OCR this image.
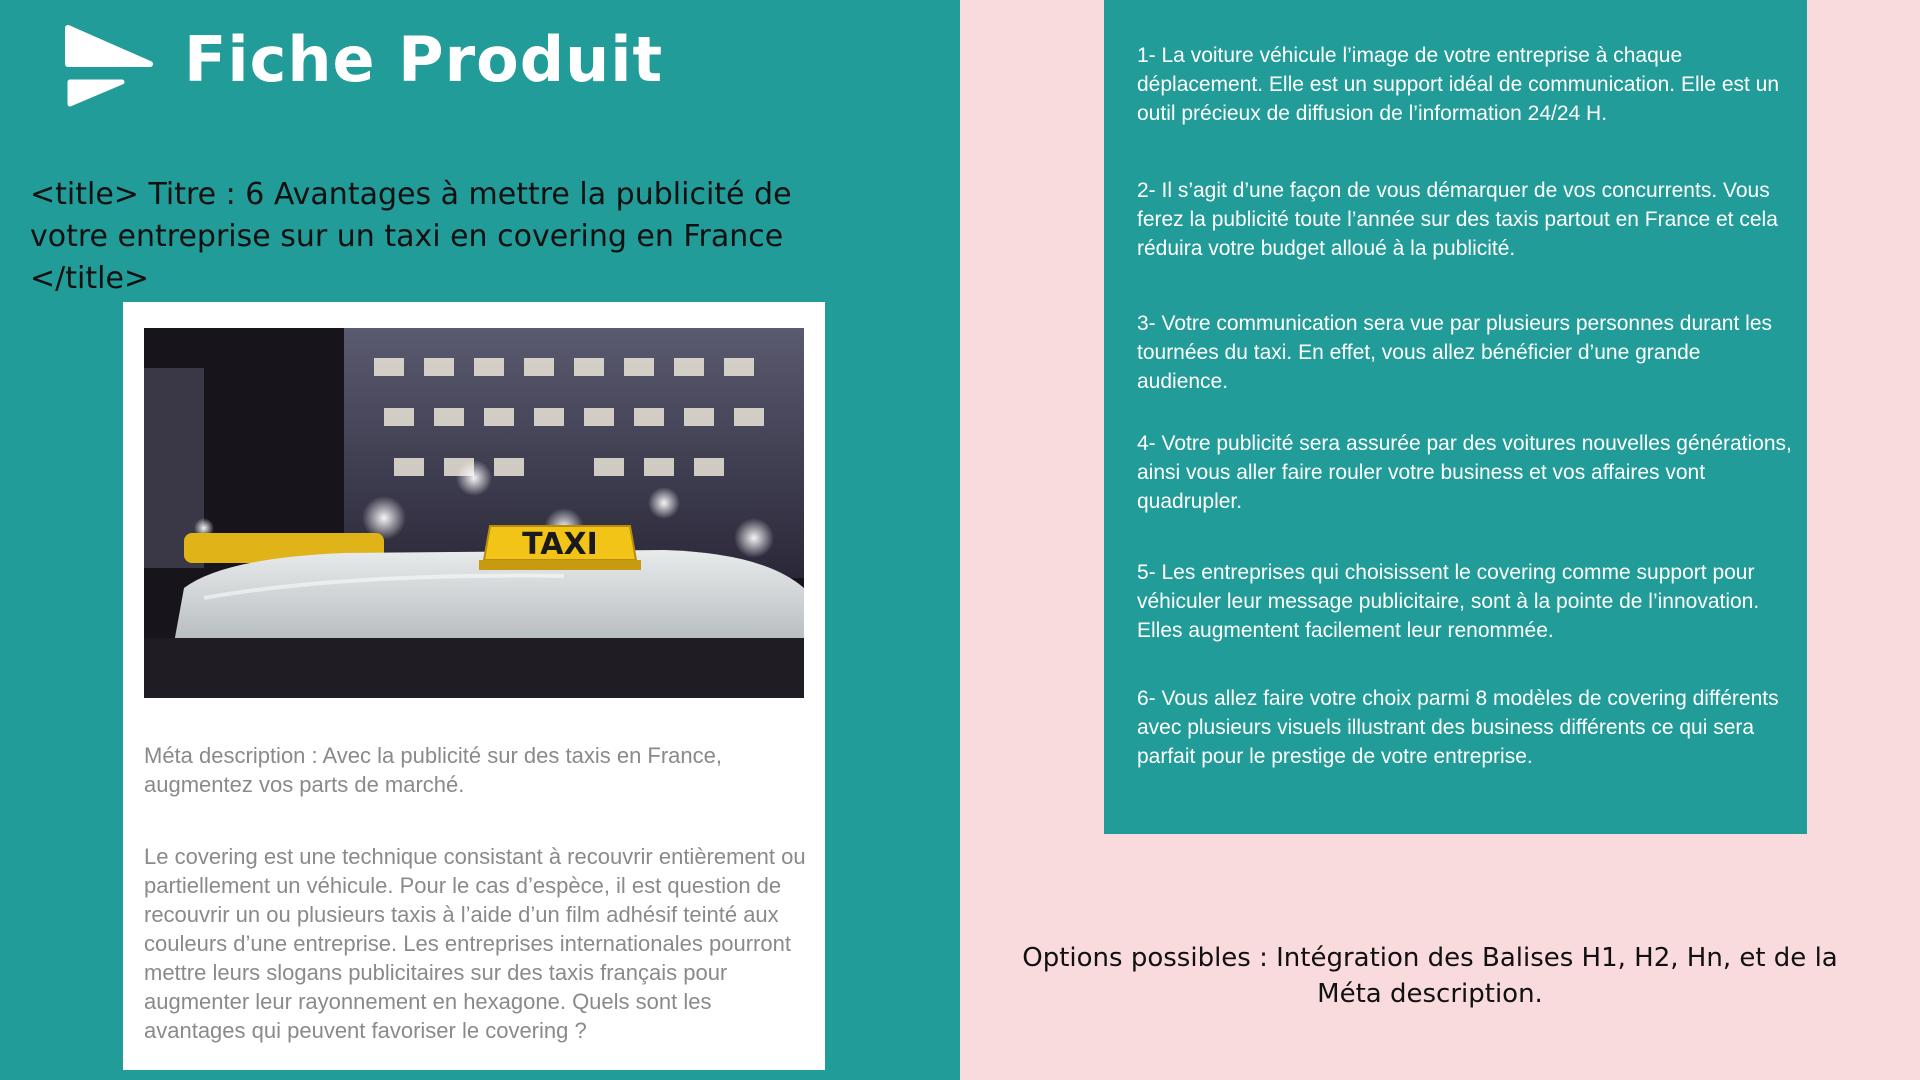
Fiche Produit

<title> Titre : 6 Avantages à mettre la publicité de votre entreprise sur un taxi en covering en France </title>

TAXI

Méta description : Avec la publicité sur des taxis en France, augmentez vos parts de marché.

Le covering est une technique consistant à recouvrir entièrement ou partiellement un véhicule. Pour le cas d’espèce, il est question de recouvrir un ou plusieurs taxis à l’aide d’un film adhésif teinté aux couleurs d’une entreprise. Les entreprises internationales pourront mettre leurs slogans publicitaires sur des taxis français pour augmenter leur rayonnement en hexagone. Quels sont les avantages qui peuvent favoriser le covering ?

1- La voiture véhicule l’image de votre entreprise à chaque déplacement. Elle est un support idéal de communication. Elle est un outil précieux de diffusion de l’information 24/24 H.

2- Il s’agit d’une façon de vous démarquer de vos concurrents. Vous ferez la publicité toute l’année sur des taxis partout en France et cela réduira votre budget alloué à la publicité.

3- Votre communication sera vue par plusieurs personnes durant les tournées du taxi. En effet, vous allez bénéficier d’une grande audience.

4- Votre publicité sera assurée par des voitures nouvelles générations, ainsi vous aller faire rouler votre business et vos affaires vont quadrupler.

5- Les entreprises qui choisissent le covering comme support pour véhiculer leur message publicitaire, sont à la pointe de l’innovation. Elles augmentent facilement leur renommée.

6- Vous allez faire votre choix parmi 8 modèles de covering différents avec plusieurs visuels illustrant des business différents ce qui sera parfait pour le prestige de votre entreprise.

Options possibles : Intégration des Balises H1, H2, Hn, et de la Méta description.
